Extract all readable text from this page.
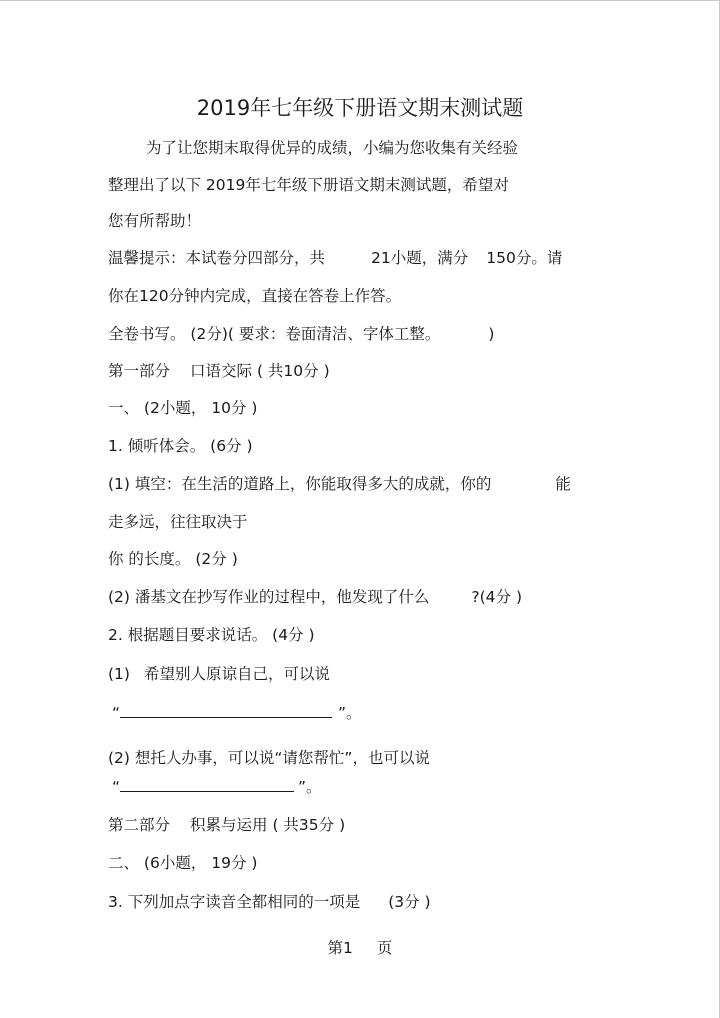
2019年七年级下册语文期末测试题
为了让您期末取得优异的成绩，小编为您收集有关经验
整理出了以下 2019年七年级下册语文期末测试题，希望对
您有所帮助！
温馨提示：本试卷分四部分，共	21小题，满分 150分。请
你在120分钟内完成，直接在答卷上作答。
全卷书写。 (2分)( 要求：卷面清洁、字体工整。	)
第一部分 口语交际 ( 共10分 )
一、 (2小题， 10分 )
1. 倾听体会。 (6分 )
(1) 填空：在生活的道路上，你能取得多大的成就，你的	能
走多远，往往取决于
你 的长度。 (2分 )
(2) 潘基文在抄写作业的过程中，他发现了什么	?(4分 )
2. 根据题目要求说话。 (4分 )
(1) 希望别人原谅自己，可以说
“	”。
(2) 想托人办事，可以说“请您帮忙”，也可以说
“	”。
第二部分 积累与运用 ( 共35分 )
二、 (6小题， 19分 )
3. 下列加点字读音全都相同的一项是 (3分 )
第1 页
